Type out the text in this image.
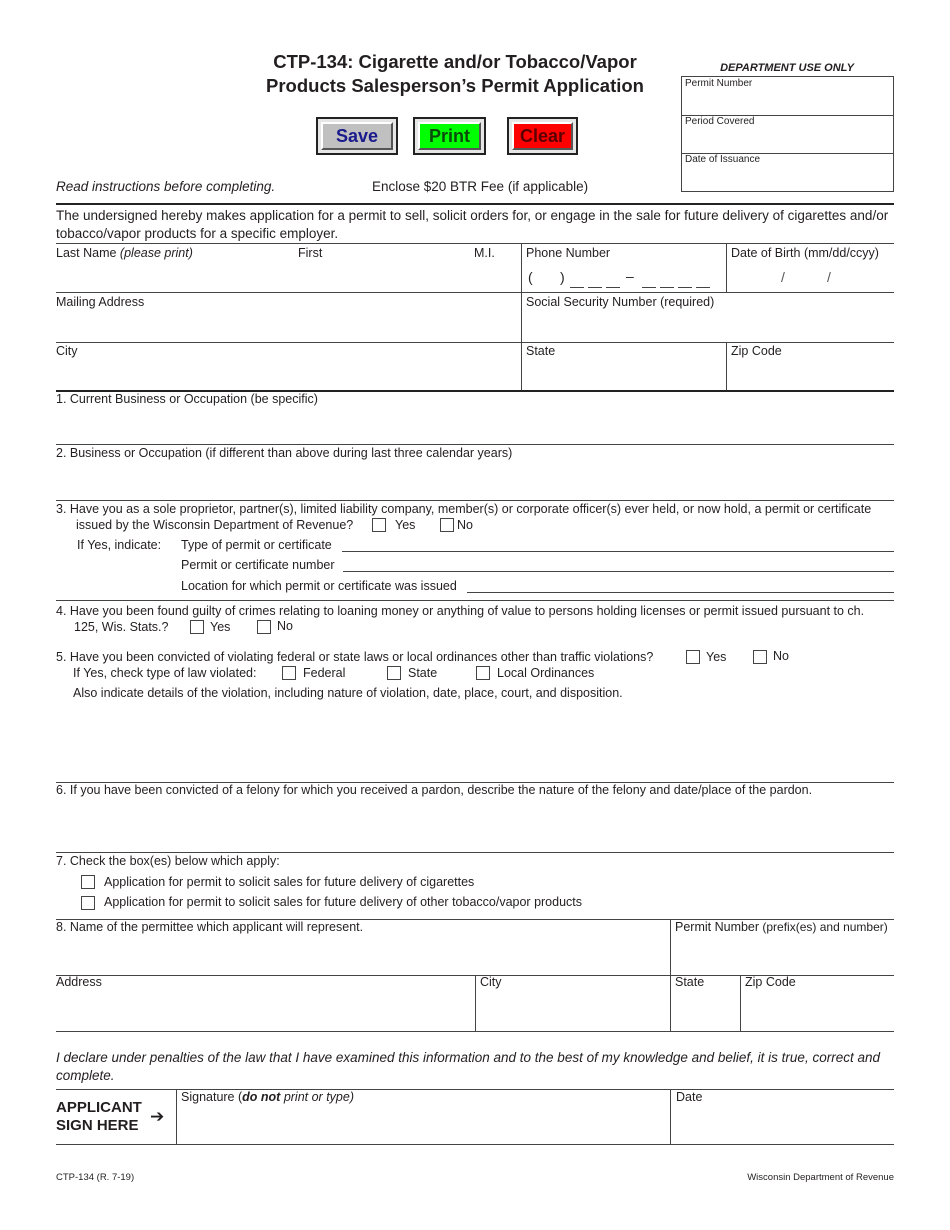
CTP-134: Cigarette and/or Tobacco/Vapor
Products Salesperson’s Permit Application
Save	Print	Clear
DEPARTMENT USE ONLY
Permit Number
Period Covered
Date of Issuance
Read instructions before completing.	Enclose $20 BTR Fee (if applicable)
The undersigned hereby makes application for a permit to sell, solicit orders for, or engage in the sale for future delivery of cigarettes and/or tobacco/vapor products for a specific employer.
Last Name (please print)	First	M.I. Phone Number	Date of Birth (mm/dd/ccyy)
( )	–	/	/
Mailing Address	Social Security Number (required)
City	State	Zip Code
1. Current Business or Occupation (be specific)
2. Business or Occupation (if different than above during last three calendar years)
3. Have you as a sole proprietor, partner(s), limited liability company, member(s) or corporate officer(s) ever held, or now hold, a permit or certificate
issued by the Wisconsin Department of Revenue?	Yes	No
If Yes, indicate: Type of permit or certificate
Permit or certificate number
Location for which permit or certificate was issued
4. Have you been found guilty of crimes relating to loaning money or anything of value to persons holding licenses or permit issued pursuant to ch.
125, Wis. Stats.?	Yes	No
5. Have you been convicted of violating federal or state laws or local ordinances other than traffic violations?	Yes	No
If Yes, check type of law violated:	Federal	State	Local Ordinances
Also indicate details of the violation, including nature of violation, date, place, court, and disposition.
6. If you have been convicted of a felony for which you received a pardon, describe the nature of the felony and date/place of the pardon.
7. Check the box(es) below which apply:
Application for permit to solicit sales for future delivery of cigarettes
Application for permit to solicit sales for future delivery of other tobacco/vapor products
8. Name of the permittee which applicant will represent.	Permit Number (prefix(es) and number)
Address	City	State	Zip Code
I declare under penalties of the law that I have examined this information and to the best of my knowledge and belief, it is true, correct and complete.
APPLICANT
SIGN HERE ➔
Signature (do not print or type)	Date
CTP-134 (R. 7-19)	Wisconsin Department of Revenue
